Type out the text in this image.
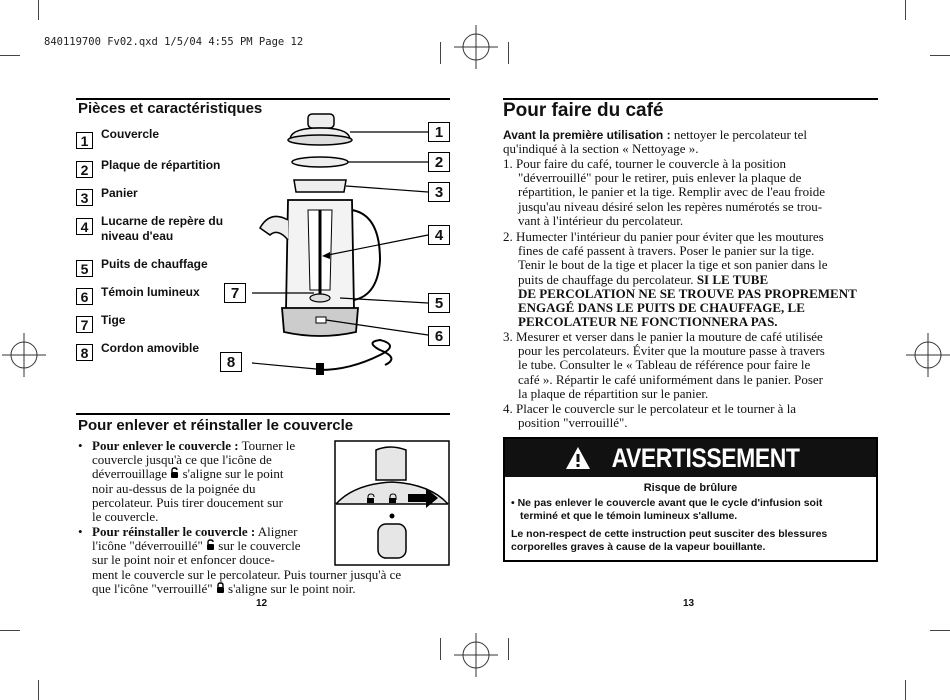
840119700 Fv02.qxd 1/5/04 4:55 PM Page 12
Pièces et caractéristiques
1	Couvercle
2	Plaque de répartition
3	Panier
4	Lucarne de repère du niveau d'eau
5	Puits de chauffage
6	Témoin lumineux
7	Tige
8	Cordon amovible
1
2
3
4
5
6
7
8
Pour enlever et réinstaller le couvercle
• Pour enlever le couvercle : Tourner le
couvercle jusqu'à ce que l'icône de
déverrouillage  s'aligne sur le point
noir au-dessus de la poignée du
percolateur. Puis tirer doucement sur
le couvercle.
• Pour réinstaller le couvercle : Aligner
l'icône "déverrouillé"  sur le couvercle
sur le point noir et enfoncer douce-
ment le couvercle sur le percolateur. Puis tourner jusqu'à ce
que l'icône "verrouillé"  s'aligne sur le point noir.
12
Pour faire du café
Avant la première utilisation : nettoyer le percolateur tel
qu'indiqué à la section « Nettoyage ».
1. Pour faire du café, tourner le couvercle à la position
"déverrouillé" pour le retirer, puis enlever la plaque de
répartition, le panier et la tige. Remplir avec de l'eau froide
jusqu'au niveau désiré selon les repères numérotés se trou-
vant à l'intérieur du percolateur.
2. Humecter l'intérieur du panier pour éviter que les moutures
fines de café passent à travers. Poser le panier sur la tige.
Tenir le bout de la tige et placer la tige et son panier dans le
puits de chauffage du percolateur. SI LE TUBE
DE PERCOLATION NE SE TROUVE PAS PROPREMENT
ENGAGÉ DANS LE PUITS DE CHAUFFAGE, LE
PERCOLATEUR NE FONCTIONNERA PAS.
3. Mesurer et verser dans le panier la mouture de café utilisée
pour les percolateurs. Éviter que la mouture passe à travers
le tube. Consulter le « Tableau de référence pour faire le
café ». Répartir le café uniformément dans le panier. Poser
la plaque de répartition sur le panier.
4. Placer le couvercle sur le percolateur et le tourner à la
position "verrouillé".
AVERTISSEMENT
Risque de brûlure
• Ne pas enlever le couvercle avant que le cycle d'infusion soit
terminé et que le témoin lumineux s'allume.
Le non-respect de cette instruction peut susciter des blessures
corporelles graves à cause de la vapeur bouillante.
13
